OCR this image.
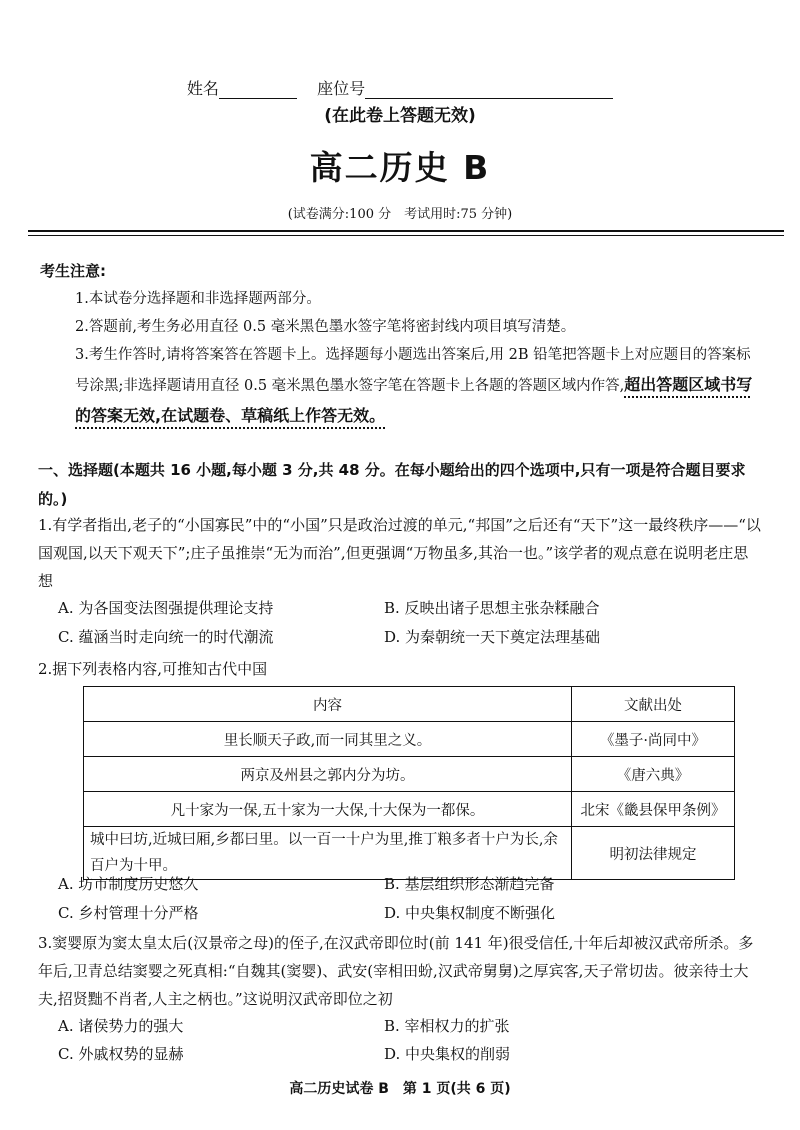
姓名	座位号
(在此卷上答题无效)
高二历史 B
(试卷满分:100 分　考试用时:75 分钟)
考生注意:
1.本试卷分选择题和非选择题两部分。
2.答题前,考生务必用直径 0.5 毫米黑色墨水签字笔将密封线内项目填写清楚。
3.考生作答时,请将答案答在答题卡上。选择题每小题选出答案后,用 2B 铅笔把答题卡上对应题目的答案标号涂黑;非选择题请用直径 0.5 毫米黑色墨水签字笔在答题卡上各题的答题区域内作答,超出答题区域书写的答案无效,在试题卷、草稿纸上作答无效。
一、选择题(本题共 16 小题,每小题 3 分,共 48 分。在每小题给出的四个选项中,只有一项是符合题目要求的。)
1.有学者指出,老子的“小国寡民”中的“小国”只是政治过渡的单元,“邦国”之后还有“天下”这一最终秩序——“以国观国,以天下观天下”;庄子虽推崇“无为而治”,但更强调“万物虽多,其治一也。”该学者的观点意在说明老庄思想
A. 为各国变法图强提供理论支持	B. 反映出诸子思想主张杂糅融合
C. 蕴涵当时走向统一的时代潮流	D. 为秦朝统一天下奠定法理基础
2.据下列表格内容,可推知古代中国
内容	文献出处
里长顺天子政,而一同其里之义。	《墨子·尚同中》
两京及州县之郭内分为坊。	《唐六典》
凡十家为一保,五十家为一大保,十大保为一都保。	北宋《畿县保甲条例》
城中曰坊,近城曰厢,乡都曰里。以一百一十户为里,推丁粮多者十户为长,余百户为十甲。	明初法律规定
A. 坊市制度历史悠久	B. 基层组织形态渐趋完备
C. 乡村管理十分严格	D. 中央集权制度不断强化
3.窦婴原为窦太皇太后(汉景帝之母)的侄子,在汉武帝即位时(前 141 年)很受信任,十年后却被汉武帝所杀。多年后,卫青总结窦婴之死真相:“自魏其(窦婴)、武安(宰相田蚡,汉武帝舅舅)之厚宾客,天子常切齿。彼亲待士大夫,招贤黜不肖者,人主之柄也。”这说明汉武帝即位之初
A. 诸侯势力的强大	B. 宰相权力的扩张
C. 外戚权势的显赫	D. 中央集权的削弱
高二历史试卷 B　第 1 页(共 6 页)
